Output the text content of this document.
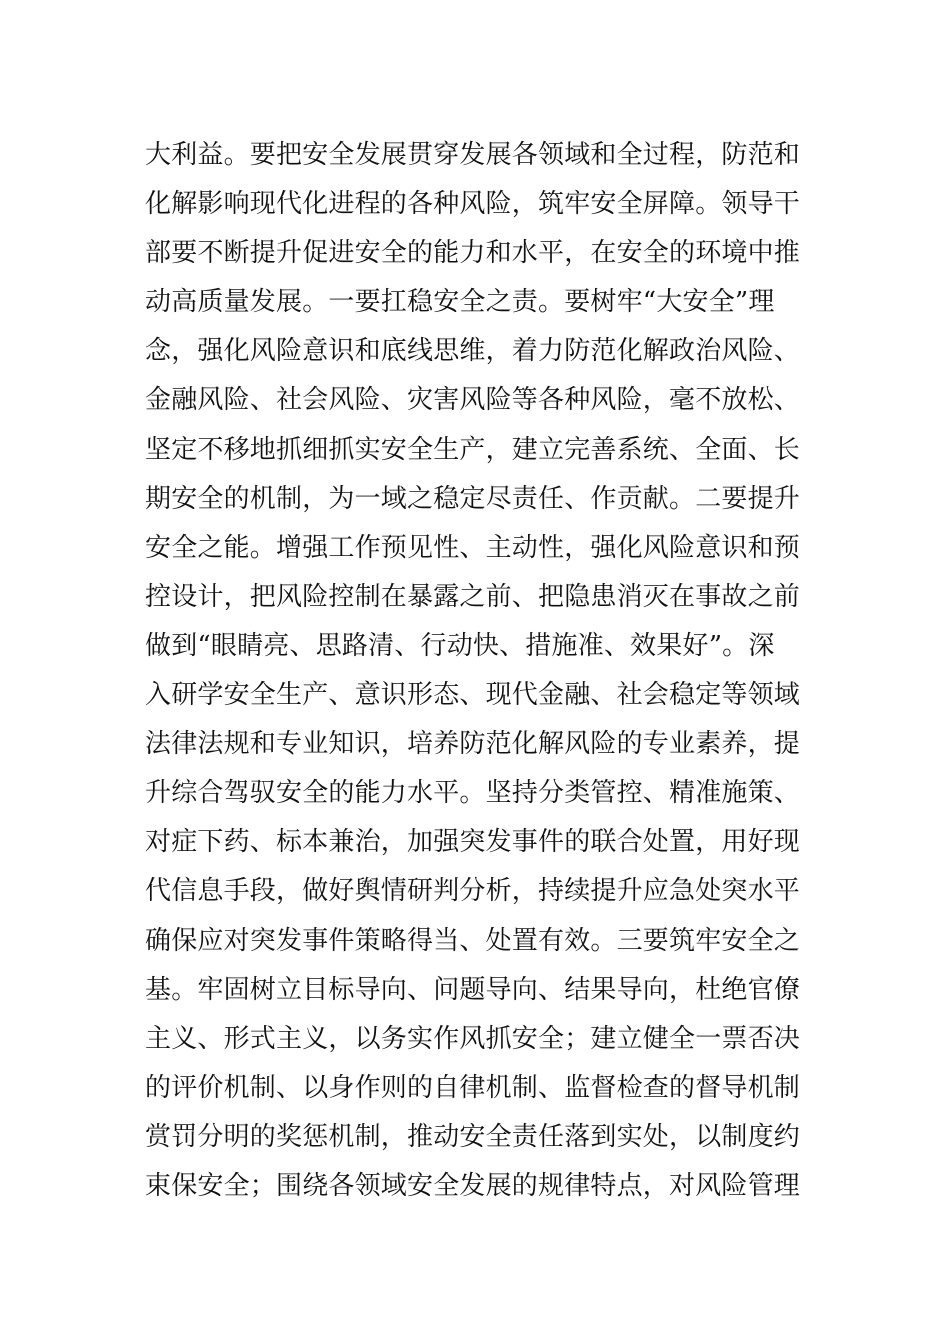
大利益。要把安全发展贯穿发展各领域和全过程，防范和
化解影响现代化进程的各种风险，筑牢安全屏障。领导干
部要不断提升促进安全的能力和水平，在安全的环境中推
动高质量发展。一要扛稳安全之责。要树牢“大安全”理
念，强化风险意识和底线思维，着力防范化解政治风险、
金融风险、社会风险、灾害风险等各种风险，毫不放松、
坚定不移地抓细抓实安全生产，建立完善系统、全面、长
期安全的机制，为一域之稳定尽责任、作贡献。二要提升
安全之能。增强工作预见性、主动性，强化风险意识和预
控设计，把风险控制在暴露之前、把隐患消灭在事故之前
做到“眼睛亮、思路清、行动快、措施准、效果好”。深
入研学安全生产、意识形态、现代金融、社会稳定等领域
法律法规和专业知识，培养防范化解风险的专业素养，提
升综合驾驭安全的能力水平。坚持分类管控、精准施策、
对症下药、标本兼治，加强突发事件的联合处置，用好现
代信息手段，做好舆情研判分析，持续提升应急处突水平
确保应对突发事件策略得当、处置有效。三要筑牢安全之
基。牢固树立目标导向、问题导向、结果导向，杜绝官僚
主义、形式主义，以务实作风抓安全；建立健全一票否决
的评价机制、以身作则的自律机制、监督检查的督导机制
赏罚分明的奖惩机制，推动安全责任落到实处，以制度约
束保安全；围绕各领域安全发展的规律特点，对风险管理
